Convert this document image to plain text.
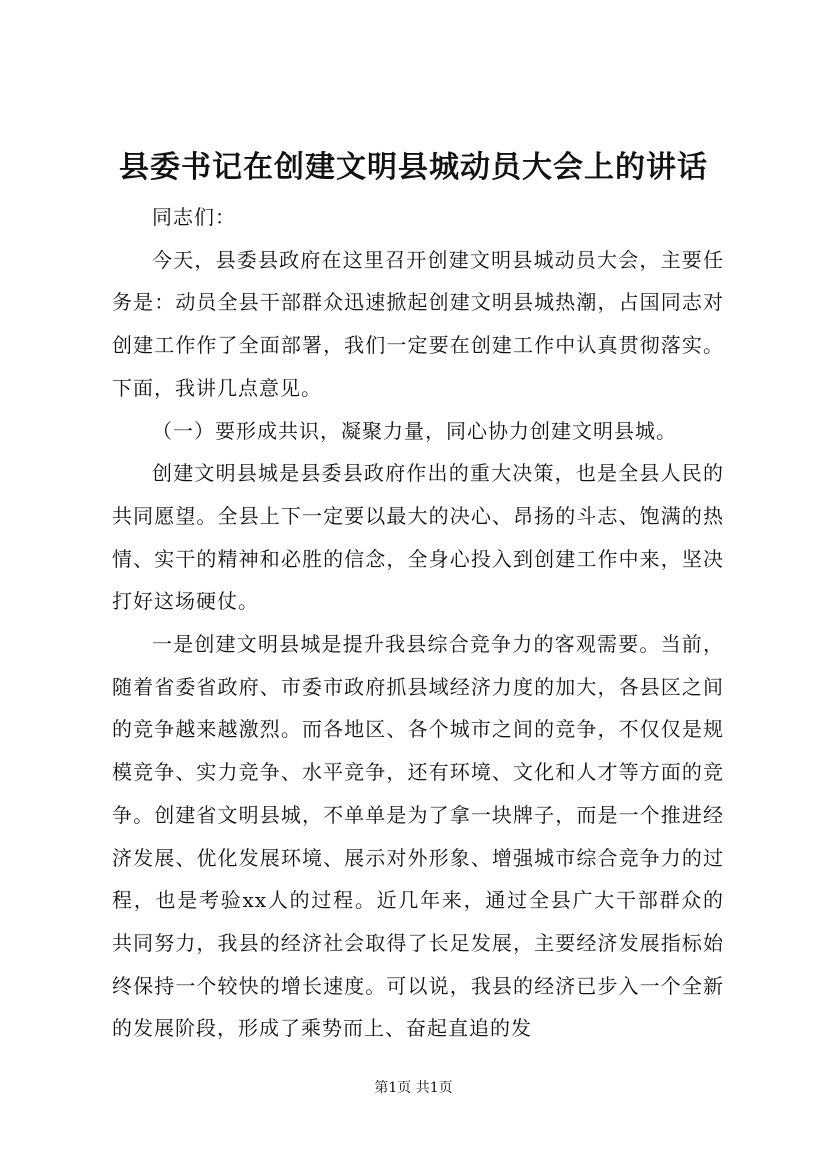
县委书记在创建文明县城动员大会上的讲话

同志们：

今天，县委县政府在这里召开创建文明县城动员大会，主要任务是：动员全县干部群众迅速掀起创建文明县城热潮，占国同志对创建工作作了全面部署，我们一定要在创建工作中认真贯彻落实。下面，我讲几点意见。

（一）要形成共识，凝聚力量，同心协力创建文明县城。

创建文明县城是县委县政府作出的重大决策，也是全县人民的共同愿望。全县上下一定要以最大的决心、昂扬的斗志、饱满的热情、实干的精神和必胜的信念，全身心投入到创建工作中来，坚决打好这场硬仗。

一是创建文明县城是提升我县综合竞争力的客观需要。当前，随着省委省政府、市委市政府抓县域经济力度的加大，各县区之间的竞争越来越激烈。而各地区、各个城市之间的竞争，不仅仅是规模竞争、实力竞争、水平竞争，还有环境、文化和人才等方面的竞争。创建省文明县城，不单单是为了拿一块牌子，而是一个推进经济发展、优化发展环境、展示对外形象、增强城市综合竞争力的过程，也是考验xx人的过程。近几年来，通过全县广大干部群众的共同努力，我县的经济社会取得了长足发展，主要经济发展指标始终保持一个较快的增长速度。可以说，我县的经济已步入一个全新的发展阶段，形成了乘势而上、奋起直追的发

第1页 共1页
